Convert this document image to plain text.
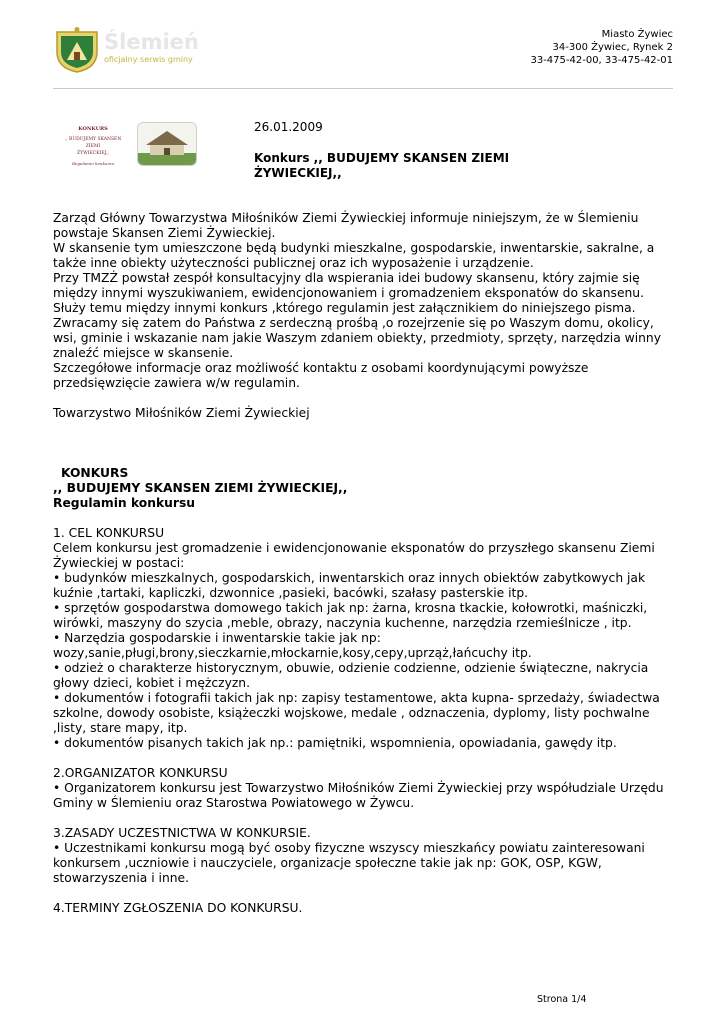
Ślemień
oficjalny serwis gminy
Miasto Żywiec
34-300 Żywiec, Rynek 2
33-475-42-00, 33-475-42-01
KONKURS
,, BUDUJEMY SKANSEN ZIEMI
ŻYWIECKIEJ,,
Regulamin konkursu
26.01.2009
Konkurs ,, BUDUJEMY SKANSEN ZIEMI ŻYWIECKIEJ,,
Zarząd Główny Towarzystwa Miłośników Ziemi Żywieckiej informuje niniejszym, że w Ślemieniu powstaje Skansen Ziemi Żywieckiej.
W skansenie tym umieszczone będą budynki mieszkalne, gospodarskie, inwentarskie, sakralne, a także inne obiekty użyteczności publicznej oraz ich wyposażenie i urządzenie.
Przy TMZŻ powstał zespół konsultacyjny dla wspierania idei budowy skansenu, który zajmie się między innymi wyszukiwaniem, ewidencjonowaniem i gromadzeniem eksponatów do skansenu.
Służy temu między innymi konkurs ,którego regulamin jest załącznikiem do niniejszego pisma.
Zwracamy się zatem do Państwa z serdeczną prośbą ,o rozejrzenie się po Waszym domu, okolicy, wsi, gminie i wskazanie nam jakie Waszym zdaniem obiekty, przedmioty, sprzęty, narzędzia winny znaleźć miejsce w skansenie.
Szczegółowe informacje oraz możliwość kontaktu z osobami koordynującymi powyższe przedsięwzięcie zawiera w/w regulamin.
Towarzystwo Miłośników Ziemi Żywieckiej
KONKURS
,, BUDUJEMY SKANSEN ZIEMI ŻYWIECKIEJ,,
Regulamin konkursu
1. CEL KONKURSU
Celem konkursu jest gromadzenie i ewidencjonowanie eksponatów do przyszłego skansenu Ziemi Żywieckiej w postaci:
• budynków mieszkalnych, gospodarskich, inwentarskich oraz innych obiektów zabytkowych jak kuźnie ,tartaki, kapliczki, dzwonnice ,pasieki, bacówki, szałasy pasterskie itp.
• sprzętów gospodarstwa domowego takich jak np: żarna, krosna tkackie, kołowrotki, maśniczki, wirówki, maszyny do szycia ,meble, obrazy, naczynia kuchenne, narzędzia rzemieślnicze , itp.
• Narzędzia gospodarskie i inwentarskie takie jak np: wozy,sanie,pługi,brony,sieczkarnie,młockarnie,kosy,cepy,uprząż,łańcuchy itp.
• odzież o charakterze historycznym, obuwie, odzienie codzienne, odzienie świąteczne, nakrycia głowy dzieci, kobiet i mężczyzn.
• dokumentów i fotografii takich jak np: zapisy testamentowe, akta kupna- sprzedaży, świadectwa szkolne, dowody osobiste, książeczki wojskowe, medale , odznaczenia, dyplomy, listy pochwalne ,listy, stare mapy, itp.
• dokumentów pisanych takich jak np.: pamiętniki, wspomnienia, opowiadania, gawędy itp.
2.ORGANIZATOR KONKURSU
• Organizatorem konkursu jest Towarzystwo Miłośników Ziemi Żywieckiej przy współudziale Urzędu Gminy w Ślemieniu oraz Starostwa Powiatowego w Żywcu.
3.ZASADY UCZESTNICTWA W KONKURSIE.
• Uczestnikami konkursu mogą być osoby fizyczne wszyscy mieszkańcy powiatu zainteresowani konkursem ,uczniowie i nauczyciele, organizacje społeczne takie jak np: GOK, OSP, KGW, stowarzyszenia i inne.
4.TERMINY ZGŁOSZENIA DO KONKURSU.
Strona 1/4
